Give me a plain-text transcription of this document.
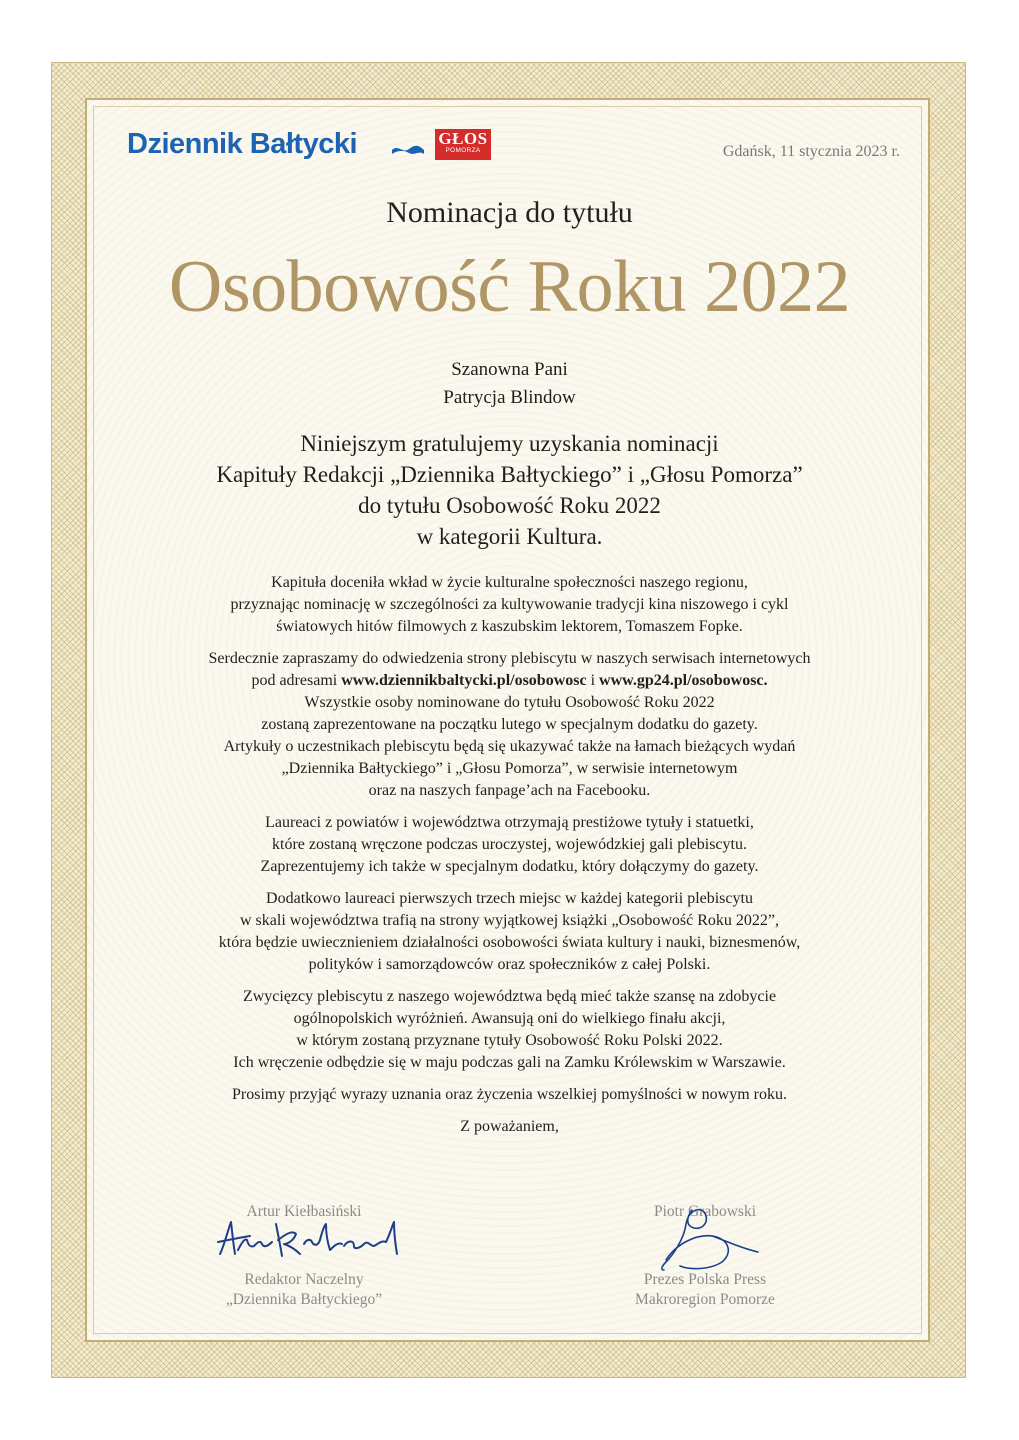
Dziennik Bałtycki	GŁOS
POMORZA	Gdańsk, 11 stycznia 2023 r.
Nominacja do tytułu
Osobowość Roku 2022
Szanowna Pani
Patrycja Blindow
Niniejszym gratulujemy uzyskania nominacji
Kapituły Redakcji „Dziennika Bałtyckiego” i „Głosu Pomorza”
do tytułu Osobowość Roku 2022
w kategorii Kultura.

Kapituła doceniła wkład w życie kulturalne społeczności naszego regionu,
przyznając nominację w szczególności za kultywowanie tradycji kina niszowego i cykl
światowych hitów filmowych z kaszubskim lektorem, Tomaszem Fopke.

Serdecznie zapraszamy do odwiedzenia strony plebiscytu w naszych serwisach internetowych
pod adresami www.dziennikbaltycki.pl/osobowosc i www.gp24.pl/osobowosc.
Wszystkie osoby nominowane do tytułu Osobowość Roku 2022
zostaną zaprezentowane na początku lutego w specjalnym dodatku do gazety.
Artykuły o uczestnikach plebiscytu będą się ukazywać także na łamach bieżących wydań
„Dziennika Bałtyckiego” i „Głosu Pomorza”, w serwisie internetowym
oraz na naszych fanpage’ach na Facebooku.

Laureaci z powiatów i województwa otrzymają prestiżowe tytuły i statuetki,
które zostaną wręczone podczas uroczystej, wojewódzkiej gali plebiscytu.
Zaprezentujemy ich także w specjalnym dodatku, który dołączymy do gazety.

Dodatkowo laureaci pierwszych trzech miejsc w każdej kategorii plebiscytu
w skali województwa trafią na strony wyjątkowej książki „Osobowość Roku 2022”,
która będzie uwiecznieniem działalności osobowości świata kultury i nauki, biznesmenów,
polityków i samorządowców oraz społeczników z całej Polski.

Zwycięzcy plebiscytu z naszego województwa będą mieć także szansę na zdobycie
ogólnopolskich wyróżnień. Awansują oni do wielkiego finału akcji,
w którym zostaną przyznane tytuły Osobowość Roku Polski 2022.
Ich wręczenie odbędzie się w maju podczas gali na Zamku Królewskim w Warszawie.

Prosimy przyjąć wyrazy uznania oraz życzenia wszelkiej pomyślności w nowym roku.

Z poważaniem,

Artur Kiełbasiński
Redaktor Naczelny
„Dziennika Bałtyckiego”
Piotr Grabowski
Prezes Polska Press
Makroregion Pomorze
